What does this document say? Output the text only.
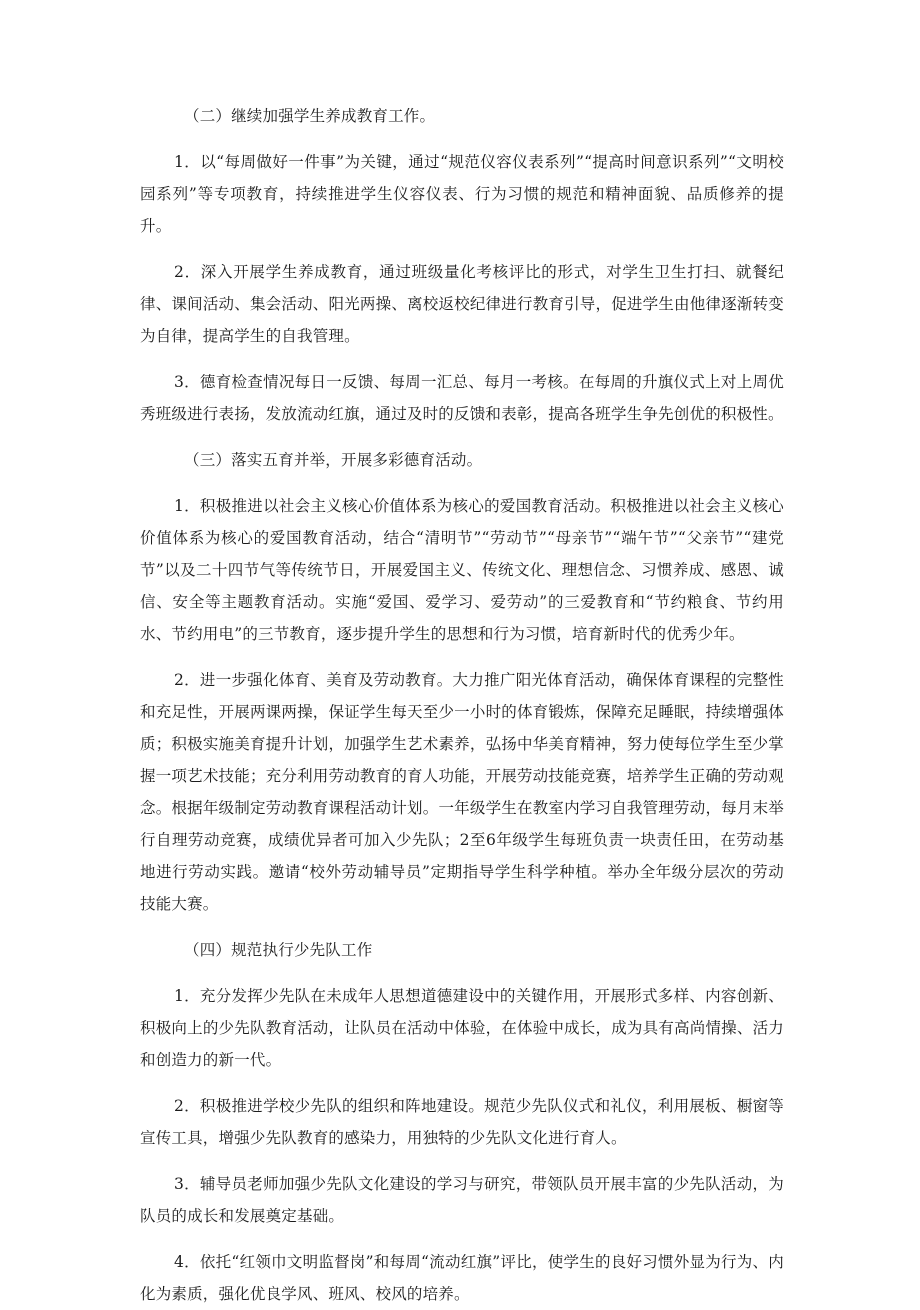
（二）继续加强学生养成教育工作。

1．以“每周做好一件事”为关键，通过“规范仪容仪表系列”“提高时间意识系列”“文明校园系列”等专项教育，持续推进学生仪容仪表、行为习惯的规范和精神面貌、品质修养的提升。

2．深入开展学生养成教育，通过班级量化考核评比的形式，对学生卫生打扫、就餐纪律、课间活动、集会活动、阳光两操、离校返校纪律进行教育引导，促进学生由他律逐渐转变为自律，提高学生的自我管理。

3．德育检查情况每日一反馈、每周一汇总、每月一考核。在每周的升旗仪式上对上周优秀班级进行表扬，发放流动红旗，通过及时的反馈和表彰，提高各班学生争先创优的积极性。

（三）落实五育并举，开展多彩德育活动。

1．积极推进以社会主义核心价值体系为核心的爱国教育活动。积极推进以社会主义核心价值体系为核心的爱国教育活动，结合“清明节”“劳动节”“母亲节”“端午节”“父亲节”“建党节”以及二十四节气等传统节日，开展爱国主义、传统文化、理想信念、习惯养成、感恩、诚信、安全等主题教育活动。实施“爱国、爱学习、爱劳动”的三爱教育和“节约粮食、节约用水、节约用电”的三节教育，逐步提升学生的思想和行为习惯，培育新时代的优秀少年。

2．进一步强化体育、美育及劳动教育。大力推广阳光体育活动，确保体育课程的完整性和充足性，开展两课两操，保证学生每天至少一小时的体育锻炼，保障充足睡眠，持续增强体质；积极实施美育提升计划，加强学生艺术素养，弘扬中华美育精神，努力使每位学生至少掌握一项艺术技能；充分利用劳动教育的育人功能，开展劳动技能竞赛，培养学生正确的劳动观念。根据年级制定劳动教育课程活动计划。一年级学生在教室内学习自我管理劳动，每月末举行自理劳动竞赛，成绩优异者可加入少先队；2至6年级学生每班负责一块责任田，在劳动基地进行劳动实践。邀请“校外劳动辅导员”定期指导学生科学种植。举办全年级分层次的劳动技能大赛。

（四）规范执行少先队工作

1．充分发挥少先队在未成年人思想道德建设中的关键作用，开展形式多样、内容创新、积极向上的少先队教育活动，让队员在活动中体验，在体验中成长，成为具有高尚情操、活力和创造力的新一代。

2．积极推进学校少先队的组织和阵地建设。规范少先队仪式和礼仪，利用展板、橱窗等宣传工具，增强少先队教育的感染力，用独特的少先队文化进行育人。

3．辅导员老师加强少先队文化建设的学习与研究，带领队员开展丰富的少先队活动，为队员的成长和发展奠定基础。

4．依托“红领巾文明监督岗”和每周“流动红旗”评比，使学生的良好习惯外显为行为、内化为素质，强化优良学风、班风、校风的培养。
